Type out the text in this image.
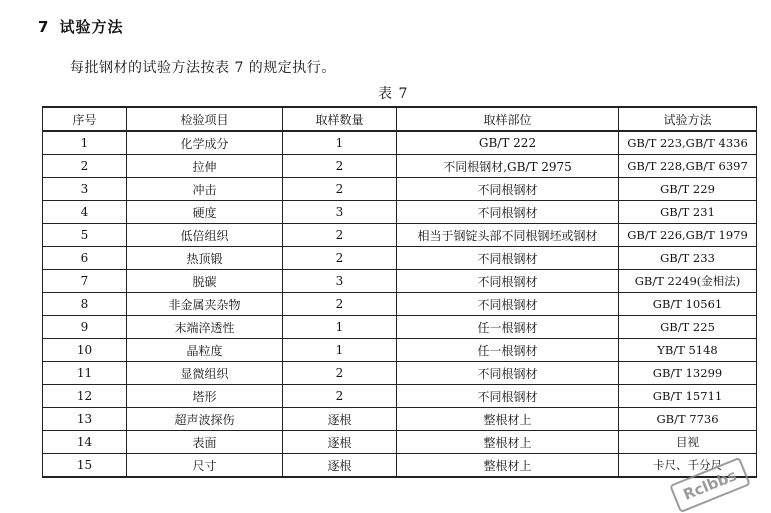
7 试验方法
每批钢材的试验方法按表 7 的规定执行。
表 7
序号	检验项目	取样数量	取样部位	试验方法
1	化学成分	1	GB/T 222	GB/T 223,GB/T 4336
2	拉伸	2	不同根钢材,GB/T 2975	GB/T 228,GB/T 6397
3	冲击	2	不同根钢材	GB/T 229
4	硬度	3	不同根钢材	GB/T 231
5	低倍组织	2	相当于钢锭头部不同根钢坯或钢材	GB/T 226,GB/T 1979
6	热顶锻	2	不同根钢材	GB/T 233
7	脱碳	3	不同根钢材	GB/T 2249(金相法)
8	非金属夹杂物	2	不同根钢材	GB/T 10561
9	末端淬透性	1	任一根钢材	GB/T 225
10	晶粒度	1	任一根钢材	YB/T 5148
11	显微组织	2	不同根钢材	GB/T 13299
12	塔形	2	不同根钢材	GB/T 15711
13	超声波探伤	逐根	整根材上	GB/T 7736
14	表面	逐根	整根材上	目视
15	尺寸	逐根	整根材上	卡尺、千分尺
Rclbbs
